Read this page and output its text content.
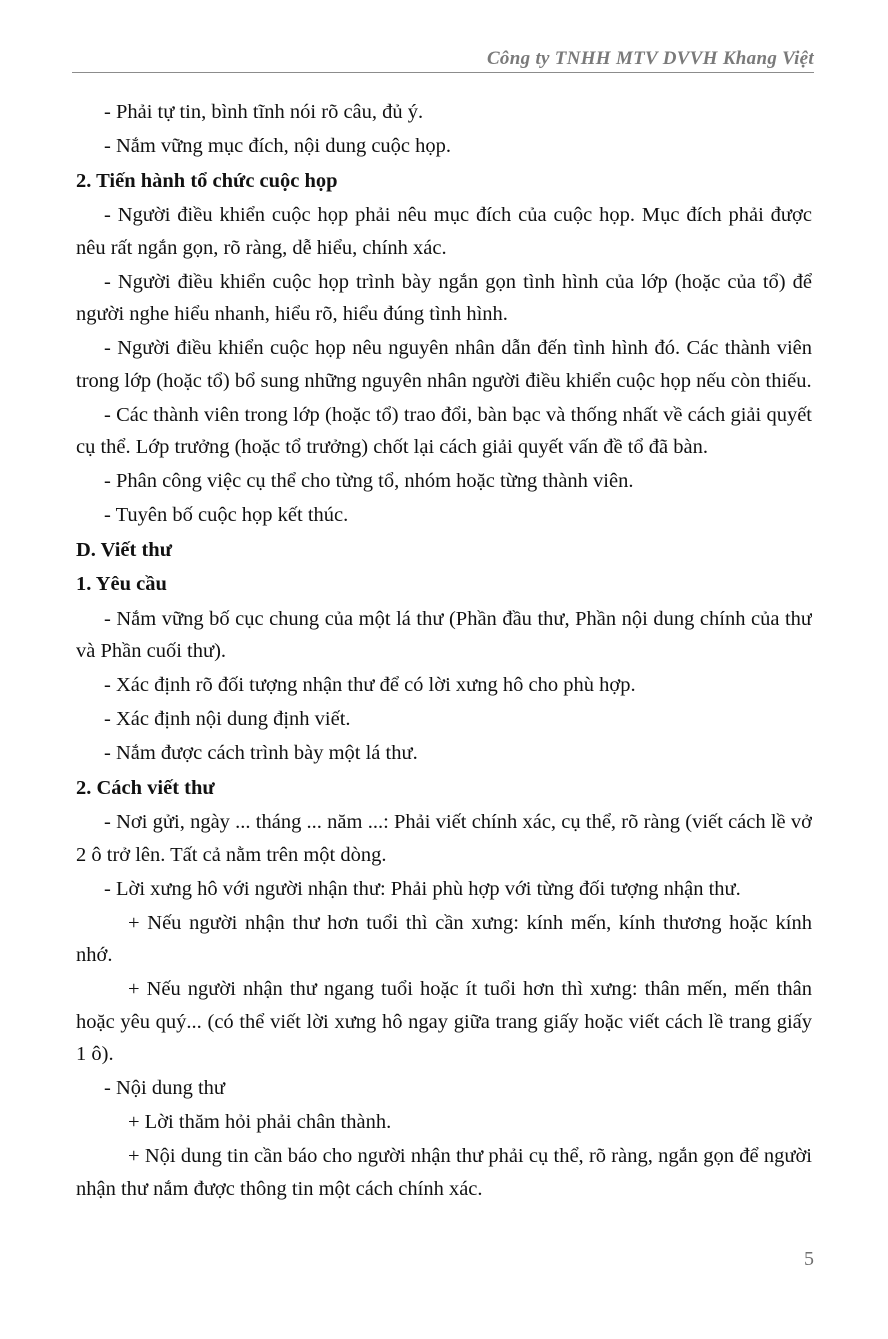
Công ty TNHH MTV DVVH Khang Việt

- Phải tự tin, bình tĩnh nói rõ câu, đủ ý.

- Nắm vững mục đích, nội dung cuộc họp.

2. Tiến hành tổ chức cuộc họp

- Người điều khiển cuộc họp phải nêu mục đích của cuộc họp. Mục đích phải được nêu rất ngắn gọn, rõ ràng, dễ hiểu, chính xác.

- Người điều khiển cuộc họp trình bày ngắn gọn tình hình của lớp (hoặc của tổ) để người nghe hiểu nhanh, hiểu rõ, hiểu đúng tình hình.

- Người điều khiển cuộc họp nêu nguyên nhân dẫn đến tình hình đó. Các thành viên trong lớp (hoặc tổ) bổ sung những nguyên nhân người điều khiển cuộc họp nếu còn thiếu.

- Các thành viên trong lớp (hoặc tổ) trao đổi, bàn bạc và thống nhất về cách giải quyết cụ thể. Lớp trưởng (hoặc tổ trưởng) chốt lại cách giải quyết vấn đề tổ đã bàn.

- Phân công việc cụ thể cho từng tổ, nhóm hoặc từng thành viên.

- Tuyên bố cuộc họp kết thúc.

D. Viết thư

1. Yêu cầu

- Nắm vững bố cục chung của một lá thư (Phần đầu thư, Phần nội dung chính của thư và Phần cuối thư).

- Xác định rõ đối tượng nhận thư để có lời xưng hô cho phù hợp.

- Xác định nội dung định viết.

- Nắm được cách trình bày một lá thư.

2. Cách viết thư

- Nơi gửi, ngày ... tháng ... năm ...: Phải viết chính xác, cụ thể, rõ ràng (viết cách lề vở 2 ô trở lên. Tất cả nằm trên một dòng.

- Lời xưng hô với người nhận thư: Phải phù hợp với từng đối tượng nhận thư.

+ Nếu người nhận thư hơn tuổi thì cần xưng: kính mến, kính thương hoặc kính nhớ.

+ Nếu người nhận thư ngang tuổi hoặc ít tuổi hơn thì xưng: thân mến, mến thân hoặc yêu quý... (có thể viết lời xưng hô ngay giữa trang giấy hoặc viết cách lề trang giấy 1 ô).

- Nội dung thư

+ Lời thăm hỏi phải chân thành.

+ Nội dung tin cần báo cho người nhận thư phải cụ thể, rõ ràng, ngắn gọn để người nhận thư nắm được thông tin một cách chính xác.

5
